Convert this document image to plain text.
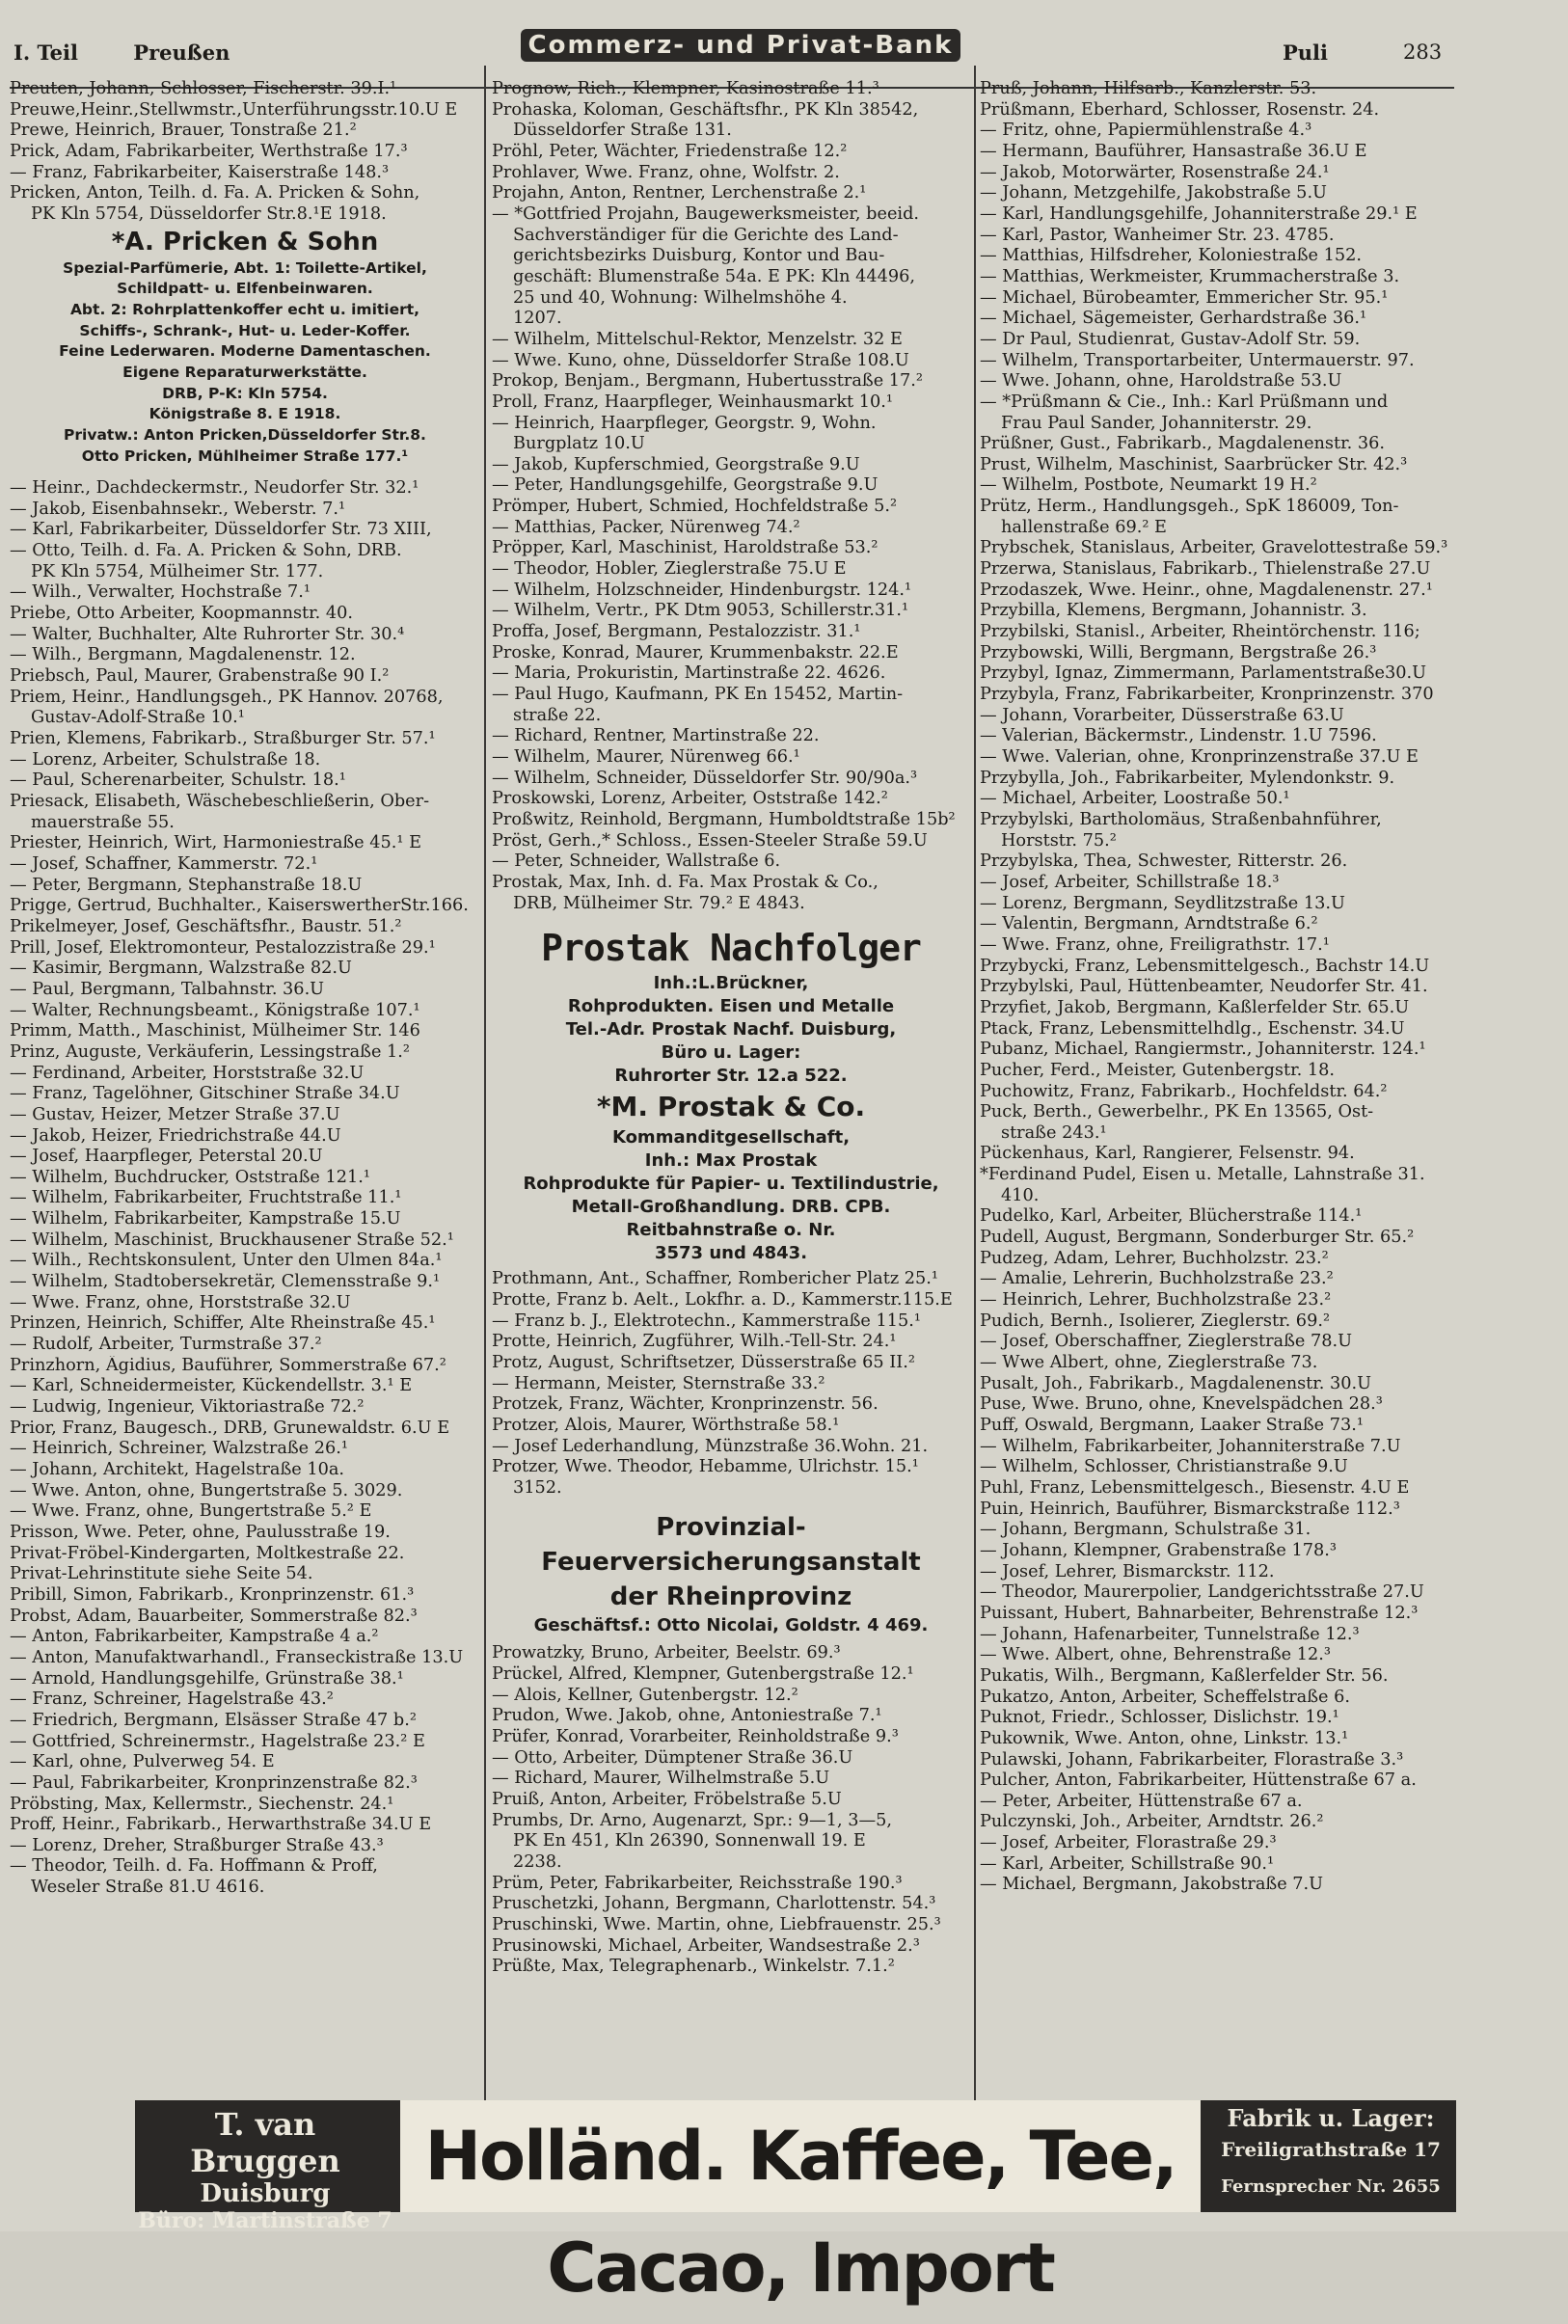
I. Teil	Preußen	Commerz- und Privat-Bank	Puli	283
Preuten, Johann, Schlosser, Fischerstr. 39.I.¹
Preuwe,Heinr.,Stellwmstr.,Unterführungsstr.10.U E
Prewe, Heinrich, Brauer, Tonstraße 21.²
Prick, Adam, Fabrikarbeiter, Werthstraße 17.³
— Franz, Fabrikarbeiter, Kaiserstraße 148.³
Pricken, Anton, Teilh. d. Fa. A. Pricken & Sohn,
PK Kln 5754, Düsseldorfer Str.8.¹E 1918.
*A. Pricken & Sohn
Spezial-Parfümerie, Abt. 1: Toilette-Artikel,
Schildpatt- u. Elfenbeinwaren.
Abt. 2: Rohrplattenkoffer echt u. imitiert,
Schiffs-, Schrank-, Hut- u. Leder-Koffer.
Feine Lederwaren. Moderne Damentaschen.
Eigene Reparaturwerkstätte.
DRB, P-K: Kln 5754.
Königstraße 8. E 1918.
Privatw.: Anton Pricken,Düsseldorfer Str.8.
Otto Pricken, Mühlheimer Straße 177.¹
— Heinr., Dachdeckermstr., Neudorfer Str. 32.¹
— Jakob, Eisenbahnsekr., Weberstr. 7.¹
— Karl, Fabrikarbeiter, Düsseldorfer Str. 73 XIII,
— Otto, Teilh. d. Fa. A. Pricken & Sohn, DRB.
PK Kln 5754, Mülheimer Str. 177.
— Wilh., Verwalter, Hochstraße 7.¹
Priebe, Otto Arbeiter, Koopmannstr. 40.
— Walter, Buchhalter, Alte Ruhrorter Str. 30.⁴
— Wilh., Bergmann, Magdalenenstr. 12.
Priebsch, Paul, Maurer, Grabenstraße 90 I.²
Priem, Heinr., Handlungsgeh., PK Hannov. 20768,
Gustav-Adolf-Straße 10.¹
Prien, Klemens, Fabrikarb., Straßburger Str. 57.¹
— Lorenz, Arbeiter, Schulstraße 18.
— Paul, Scherenarbeiter, Schulstr. 18.¹
Priesack, Elisabeth, Wäschebeschließerin, Ober-
mauerstraße 55.
Priester, Heinrich, Wirt, Harmoniestraße 45.¹ E
— Josef, Schaffner, Kammerstr. 72.¹
— Peter, Bergmann, Stephanstraße 18.U
Prigge, Gertrud, Buchhalter., KaiserswertherStr.166.
Prikelmeyer, Josef, Geschäftsfhr., Baustr. 51.²
Prill, Josef, Elektromonteur, Pestalozzistraße 29.¹
— Kasimir, Bergmann, Walzstraße 82.U
— Paul, Bergmann, Talbahnstr. 36.U
— Walter, Rechnungsbeamt., Königstraße 107.¹
Primm, Matth., Maschinist, Mülheimer Str. 146
Prinz, Auguste, Verkäuferin, Lessingstraße 1.²
— Ferdinand, Arbeiter, Horststraße 32.U
— Franz, Tagelöhner, Gitschiner Straße 34.U
— Gustav, Heizer, Metzer Straße 37.U
— Jakob, Heizer, Friedrichstraße 44.U
— Josef, Haarpfleger, Peterstal 20.U
— Wilhelm, Buchdrucker, Oststraße 121.¹
— Wilhelm, Fabrikarbeiter, Fruchtstraße 11.¹
— Wilhelm, Fabrikarbeiter, Kampstraße 15.U
— Wilhelm, Maschinist, Bruckhausener Straße 52.¹
— Wilh., Rechtskonsulent, Unter den Ulmen 84a.¹
— Wilhelm, Stadtobersekretär, Clemensstraße 9.¹
— Wwe. Franz, ohne, Horststraße 32.U
Prinzen, Heinrich, Schiffer, Alte Rheinstraße 45.¹
— Rudolf, Arbeiter, Turmstraße 37.²
Prinzhorn, Ägidius, Bauführer, Sommerstraße 67.²
— Karl, Schneidermeister, Kückendellstr. 3.¹ E
— Ludwig, Ingenieur, Viktoriastraße 72.²
Prior, Franz, Baugesch., DRB, Grunewaldstr. 6.U E
— Heinrich, Schreiner, Walzstraße 26.¹
— Johann, Architekt, Hagelstraße 10a.
— Wwe. Anton, ohne, Bungertstraße 5. 3029.
— Wwe. Franz, ohne, Bungertstraße 5.² E
Prisson, Wwe. Peter, ohne, Paulusstraße 19.
Privat-Fröbel-Kindergarten, Moltkestraße 22.
Privat-Lehrinstitute siehe Seite 54.
Pribill, Simon, Fabrikarb., Kronprinzenstr. 61.³
Probst, Adam, Bauarbeiter, Sommerstraße 82.³
— Anton, Fabrikarbeiter, Kampstraße 4 a.²
— Anton, Manufaktwarhandl., Franseckistraße 13.U
— Arnold, Handlungsgehilfe, Grünstraße 38.¹
— Franz, Schreiner, Hagelstraße 43.²
— Friedrich, Bergmann, Elsässer Straße 47 b.²
— Gottfried, Schreinermstr., Hagelstraße 23.² E
— Karl, ohne, Pulverweg 54. E
— Paul, Fabrikarbeiter, Kronprinzenstraße 82.³
Pröbsting, Max, Kellermstr., Siechenstr. 24.¹
Proff, Heinr., Fabrikarb., Herwarthstraße 34.U E
— Lorenz, Dreher, Straßburger Straße 43.³
— Theodor, Teilh. d. Fa. Hoffmann & Proff,
Weseler Straße 81.U 4616.
Prognow, Rich., Klempner, Kasinostraße 11.³
Prohaska, Koloman, Geschäftsfhr., PK Kln 38542,
Düsseldorfer Straße 131.
Pröhl, Peter, Wächter, Friedenstraße 12.²
Prohlaver, Wwe. Franz, ohne, Wolfstr. 2.
Projahn, Anton, Rentner, Lerchenstraße 2.¹
— *Gottfried Projahn, Baugewerksmeister, beeid.
Sachverständiger für die Gerichte des Land-
gerichtsbezirks Duisburg, Kontor und Bau-
geschäft: Blumenstraße 54a. E PK: Kln 44496,
25 und 40, Wohnung: Wilhelmshöhe 4.
1207.
— Wilhelm, Mittelschul-Rektor, Menzelstr. 32 E
— Wwe. Kuno, ohne, Düsseldorfer Straße 108.U
Prokop, Benjam., Bergmann, Hubertusstraße 17.²
Proll, Franz, Haarpfleger, Weinhausmarkt 10.¹
— Heinrich, Haarpfleger, Georgstr. 9, Wohn.
Burgplatz 10.U
— Jakob, Kupferschmied, Georgstraße 9.U
— Peter, Handlungsgehilfe, Georgstraße 9.U
Prömper, Hubert, Schmied, Hochfeldstraße 5.²
— Matthias, Packer, Nürenweg 74.²
Pröpper, Karl, Maschinist, Haroldstraße 53.²
— Theodor, Hobler, Zieglerstraße 75.U E
— Wilhelm, Holzschneider, Hindenburgstr. 124.¹
— Wilhelm, Vertr., PK Dtm 9053, Schillerstr.31.¹
Proffa, Josef, Bergmann, Pestalozzistr. 31.¹
Proske, Konrad, Maurer, Krummenbakstr. 22.E
— Maria, Prokuristin, Martinstraße 22. 4626.
— Paul Hugo, Kaufmann, PK En 15452, Martin-
straße 22.
— Richard, Rentner, Martinstraße 22.
— Wilhelm, Maurer, Nürenweg 66.¹
— Wilhelm, Schneider, Düsseldorfer Str. 90/90a.³
Proskowski, Lorenz, Arbeiter, Oststraße 142.²
Proßwitz, Reinhold, Bergmann, Humboldtstraße 15b²
Pröst, Gerh.,* Schloss., Essen-Steeler Straße 59.U
— Peter, Schneider, Wallstraße 6.
Prostak, Max, Inh. d. Fa. Max Prostak & Co.,
DRB, Mülheimer Str. 79.² E 4843.
Prostak Nachfolger
Inh.:L.Brückner,
Rohprodukten. Eisen und Metalle
Tel.-Adr. Prostak Nachf. Duisburg,
Büro u. Lager:
Ruhrorter Str. 12.a 522.
*M. Prostak & Co.
Kommanditgesellschaft,
Inh.: Max Prostak
Rohprodukte für Papier- u. Textilindustrie,
Metall-Großhandlung. DRB. CPB.
Reitbahnstraße o. Nr.
3573 und 4843.
Prothmann, Ant., Schaffner, Rombericher Platz 25.¹
Protte, Franz b. Aelt., Lokfhr. a. D., Kammerstr.115.E
— Franz b. J., Elektrotechn., Kammerstraße 115.¹
Protte, Heinrich, Zugführer, Wilh.-Tell-Str. 24.¹
Protz, August, Schriftsetzer, Düsserstraße 65 II.²
— Hermann, Meister, Sternstraße 33.²
Protzek, Franz, Wächter, Kronprinzenstr. 56.
Protzer, Alois, Maurer, Wörthstraße 58.¹
— Josef Lederhandlung, Münzstraße 36.Wohn. 21.
Protzer, Wwe. Theodor, Hebamme, Ulrichstr. 15.¹
3152.
Provinzial-
Feuerversicherungsanstalt
der Rheinprovinz
Geschäftsf.: Otto Nicolai, Goldstr. 4 469.
Prowatzky, Bruno, Arbeiter, Beelstr. 69.³
Prückel, Alfred, Klempner, Gutenbergstraße 12.¹
— Alois, Kellner, Gutenbergstr. 12.²
Prudon, Wwe. Jakob, ohne, Antoniestraße 7.¹
Prüfer, Konrad, Vorarbeiter, Reinholdstraße 9.³
— Otto, Arbeiter, Dümptener Straße 36.U
— Richard, Maurer, Wilhelmstraße 5.U
Pruiß, Anton, Arbeiter, Fröbelstraße 5.U
Prumbs, Dr. Arno, Augenarzt, Spr.: 9—1, 3—5,
PK En 451, Kln 26390, Sonnenwall 19. E
2238.
Prüm, Peter, Fabrikarbeiter, Reichsstraße 190.³
Pruschetzki, Johann, Bergmann, Charlottenstr. 54.³
Pruschinski, Wwe. Martin, ohne, Liebfrauenstr. 25.³
Prusinowski, Michael, Arbeiter, Wandsestraße 2.³
Prüßte, Max, Telegraphenarb., Winkelstr. 7.1.²
Pruß, Johann, Hilfsarb., Kanzlerstr. 53.
Prüßmann, Eberhard, Schlosser, Rosenstr. 24.
— Fritz, ohne, Papiermühlenstraße 4.³
— Hermann, Bauführer, Hansastraße 36.U E
— Jakob, Motorwärter, Rosenstraße 24.¹
— Johann, Metzgehilfe, Jakobstraße 5.U
— Karl, Handlungsgehilfe, Johanniterstraße 29.¹ E
— Karl, Pastor, Wanheimer Str. 23. 4785.
— Matthias, Hilfsdreher, Koloniestraße 152.
— Matthias, Werkmeister, Krummacherstraße 3.
— Michael, Bürobeamter, Emmericher Str. 95.¹
— Michael, Sägemeister, Gerhardstraße 36.¹
— Dr Paul, Studienrat, Gustav-Adolf Str. 59.
— Wilhelm, Transportarbeiter, Untermauerstr. 97.
— Wwe. Johann, ohne, Haroldstraße 53.U
— *Prüßmann & Cie., Inh.: Karl Prüßmann und
Frau Paul Sander, Johanniterstr. 29.
Prüßner, Gust., Fabrikarb., Magdalenenstr. 36.
Prust, Wilhelm, Maschinist, Saarbrücker Str. 42.³
— Wilhelm, Postbote, Neumarkt 19 H.²
Prütz, Herm., Handlungsgeh., SpK 186009, Ton-
hallenstraße 69.² E
Prybschek, Stanislaus, Arbeiter, Gravelottestraße 59.³
Przerwa, Stanislaus, Fabrikarb., Thielenstraße 27.U
Przodaszek, Wwe. Heinr., ohne, Magdalenenstr. 27.¹
Przybilla, Klemens, Bergmann, Johannistr. 3.
Przybilski, Stanisl., Arbeiter, Rheintörchenstr. 116;
Przybowski, Willi, Bergmann, Bergstraße 26.³
Przybyl, Ignaz, Zimmermann, Parlamentstraße30.U
Przybyla, Franz, Fabrikarbeiter, Kronprinzenstr. 370
— Johann, Vorarbeiter, Düsserstraße 63.U
— Valerian, Bäckermstr., Lindenstr. 1.U 7596.
— Wwe. Valerian, ohne, Kronprinzenstraße 37.U E
Przybylla, Joh., Fabrikarbeiter, Mylendonkstr. 9.
— Michael, Arbeiter, Loostraße 50.¹
Przybylski, Bartholomäus, Straßenbahnführer,
Horststr. 75.²
Przybylska, Thea, Schwester, Ritterstr. 26.
— Josef, Arbeiter, Schillstraße 18.³
— Lorenz, Bergmann, Seydlitzstraße 13.U
— Valentin, Bergmann, Arndtstraße 6.²
— Wwe. Franz, ohne, Freiligrathstr. 17.¹
Przybycki, Franz, Lebensmittelgesch., Bachstr 14.U
Przybylski, Paul, Hüttenbeamter, Neudorfer Str. 41.
Przyfiet, Jakob, Bergmann, Kaßlerfelder Str. 65.U
Ptack, Franz, Lebensmittelhdlg., Eschenstr. 34.U
Pubanz, Michael, Rangiermstr., Johanniterstr. 124.¹
Pucher, Ferd., Meister, Gutenbergstr. 18.
Puchowitz, Franz, Fabrikarb., Hochfeldstr. 64.²
Puck, Berth., Gewerbelhr., PK En 13565, Ost-
straße 243.¹
Pückenhaus, Karl, Rangierer, Felsenstr. 94.
*Ferdinand Pudel, Eisen u. Metalle, Lahnstraße 31.
410.
Pudelko, Karl, Arbeiter, Blücherstraße 114.¹
Pudell, August, Bergmann, Sonderburger Str. 65.²
Pudzeg, Adam, Lehrer, Buchholzstr. 23.²
— Amalie, Lehrerin, Buchholzstraße 23.²
— Heinrich, Lehrer, Buchholzstraße 23.²
Pudich, Bernh., Isolierer, Zieglerstr. 69.²
— Josef, Oberschaffner, Zieglerstraße 78.U
— Wwe Albert, ohne, Zieglerstraße 73.
Pusalt, Joh., Fabrikarb., Magdalenenstr. 30.U
Puse, Wwe. Bruno, ohne, Knevelspädchen 28.³
Puff, Oswald, Bergmann, Laaker Straße 73.¹
— Wilhelm, Fabrikarbeiter, Johanniterstraße 7.U
— Wilhelm, Schlosser, Christianstraße 9.U
Puhl, Franz, Lebensmittelgesch., Biesenstr. 4.U E
Puin, Heinrich, Bauführer, Bismarckstraße 112.³
— Johann, Bergmann, Schulstraße 31.
— Johann, Klempner, Grabenstraße 178.³
— Josef, Lehrer, Bismarckstr. 112.
— Theodor, Maurerpolier, Landgerichtsstraße 27.U
Puissant, Hubert, Bahnarbeiter, Behrenstraße 12.³
— Johann, Hafenarbeiter, Tunnelstraße 12.³
— Wwe. Albert, ohne, Behrenstraße 12.³
Pukatis, Wilh., Bergmann, Kaßlerfelder Str. 56.
Pukatzo, Anton, Arbeiter, Scheffelstraße 6.
Puknot, Friedr., Schlosser, Dislichstr. 19.¹
Pukownik, Wwe. Anton, ohne, Linkstr. 13.¹
Pulawski, Johann, Fabrikarbeiter, Florastraße 3.³
Pulcher, Anton, Fabrikarbeiter, Hüttenstraße 67 a.
— Peter, Arbeiter, Hüttenstraße 67 a.
Pulczynski, Joh., Arbeiter, Arndtstr. 26.²
— Josef, Arbeiter, Florastraße 29.³
— Karl, Arbeiter, Schillstraße 90.¹
— Michael, Bergmann, Jakobstraße 7.U
T. van Bruggen
Duisburg
Büro: Martinstraße 7
Holländ. Kaffee, Tee, Cacao, Import
Fabrik u. Lager:
Freiligrathstraße 17
Fernsprecher Nr. 2655
